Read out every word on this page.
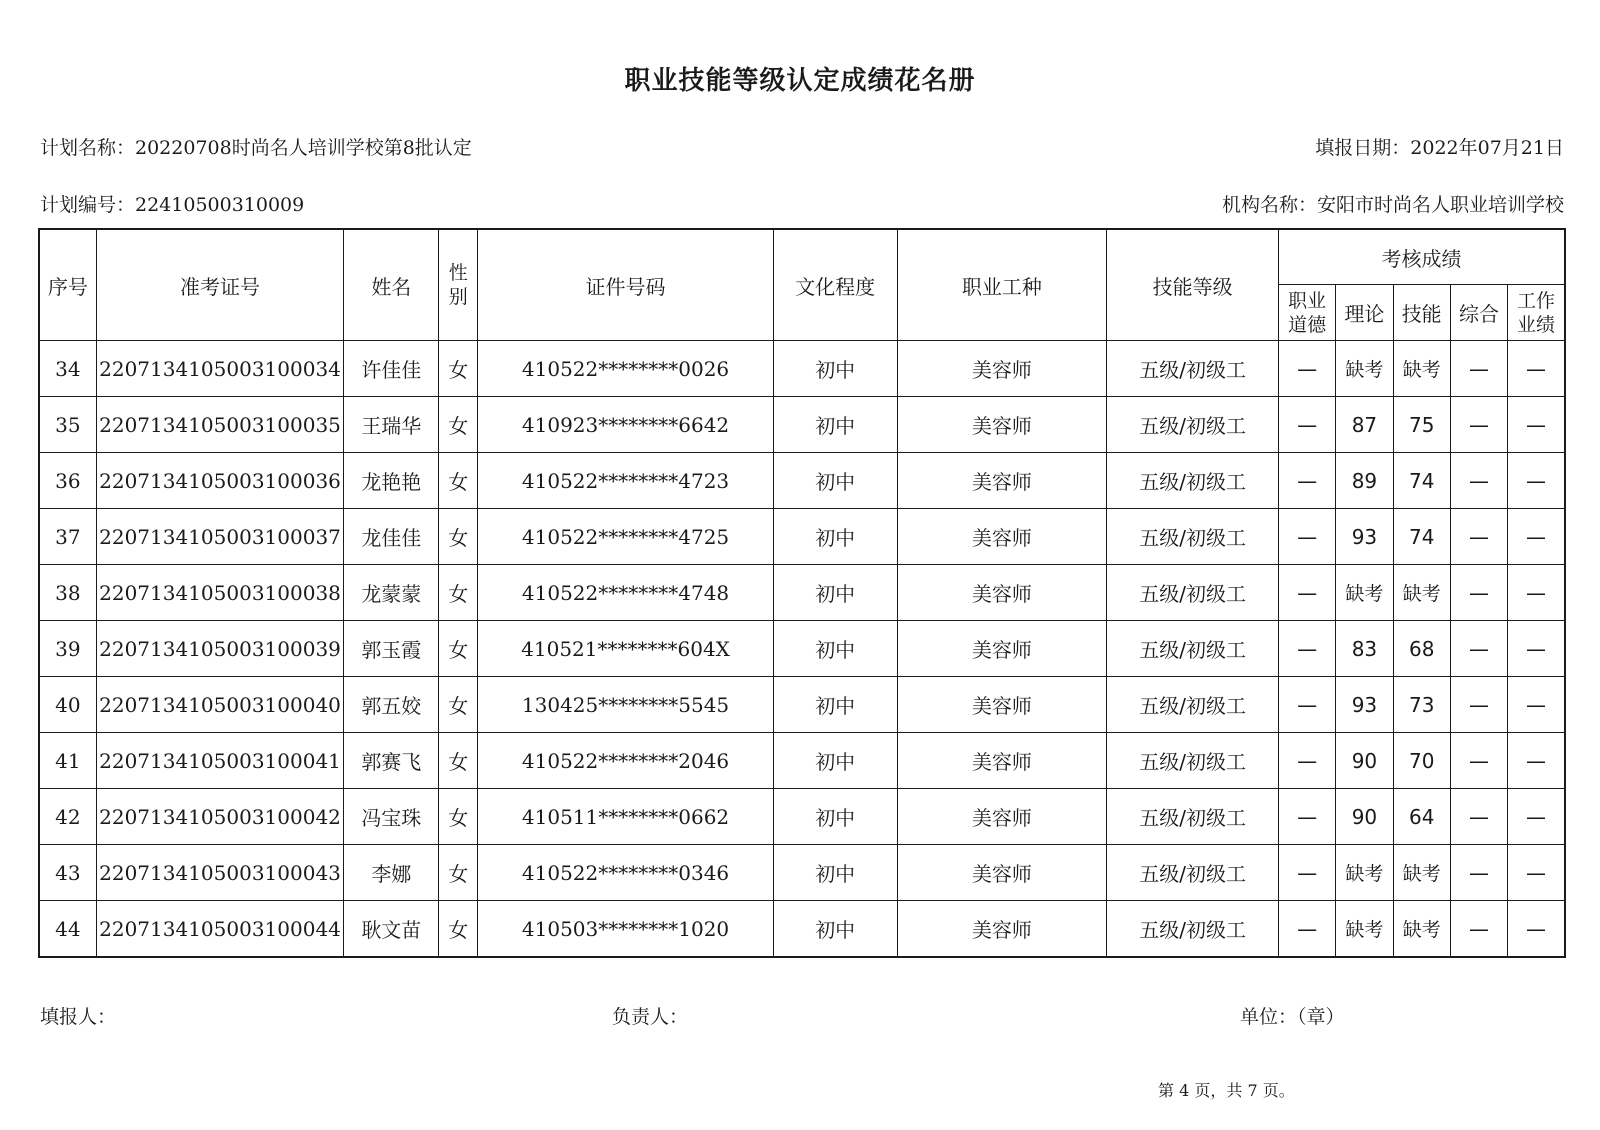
职业技能等级认定成绩花名册
计划名称：20220708时尚名人培训学校第8批认定	填报日期：2022年07月21日
计划编号：22410500310009	机构名称：安阳市时尚名人职业培训学校
序号	准考证号	姓名	性别	证件号码	文化程度	职业工种	技能等级	考核成绩				
								职业道德	理论	技能	综合	工作业绩
34	2207134105003100034	许佳佳	女	410522********0026	初中	美容师	五级/初级工	—	缺考	缺考	—	—
35	2207134105003100035	王瑞华	女	410923********6642	初中	美容师	五级/初级工	—	87	75	—	—
36	2207134105003100036	龙艳艳	女	410522********4723	初中	美容师	五级/初级工	—	89	74	—	—
37	2207134105003100037	龙佳佳	女	410522********4725	初中	美容师	五级/初级工	—	93	74	—	—
38	2207134105003100038	龙蒙蒙	女	410522********4748	初中	美容师	五级/初级工	—	缺考	缺考	—	—
39	2207134105003100039	郭玉霞	女	410521********604X	初中	美容师	五级/初级工	—	83	68	—	—
40	2207134105003100040	郭五姣	女	130425********5545	初中	美容师	五级/初级工	—	93	73	—	—
41	2207134105003100041	郭赛飞	女	410522********2046	初中	美容师	五级/初级工	—	90	70	—	—
42	2207134105003100042	冯宝珠	女	410511********0662	初中	美容师	五级/初级工	—	90	64	—	—
43	2207134105003100043	李娜	女	410522********0346	初中	美容师	五级/初级工	—	缺考	缺考	—	—
44	2207134105003100044	耿文苗	女	410503********1020	初中	美容师	五级/初级工	—	缺考	缺考	—	—
填报人：	负责人：	单位：（章）
第 4 页，共 7 页。
